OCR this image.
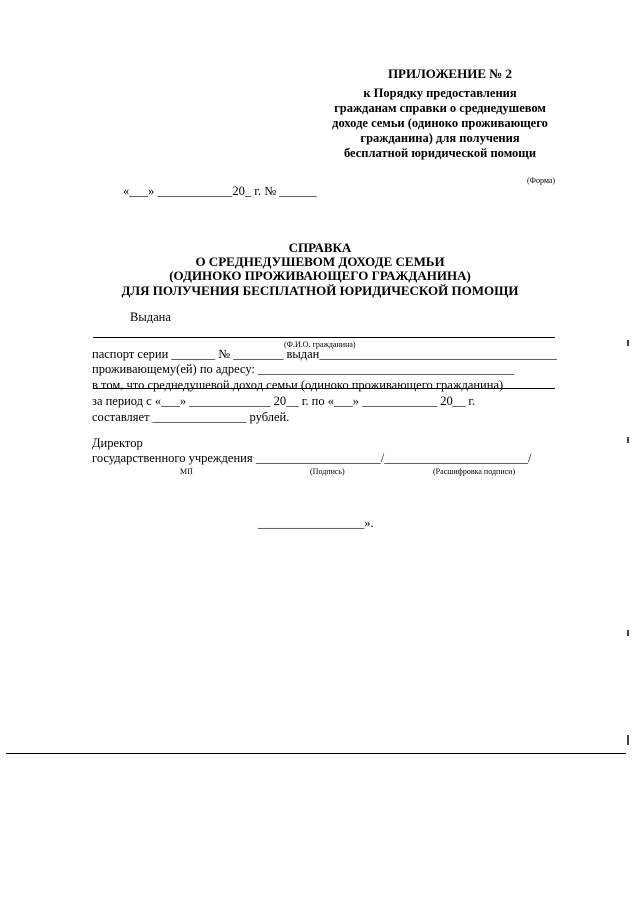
ПРИЛОЖЕНИЕ № 2
к Порядку предоставления
гражданам справки о среднедушевом
доходе семьи (одиноко проживающего
гражданина) для получения
бесплатной юридической помощи
(Форма)
«___» ____________20_ г. № ______
СПРАВКА
О СРЕДНЕДУШЕВОМ ДОХОДЕ СЕМЬИ
(ОДИНОКО ПРОЖИВАЮЩЕГО ГРАЖДАНИНА)
ДЛЯ ПОЛУЧЕНИЯ БЕСПЛАТНОЙ ЮРИДИЧЕСКОЙ ПОМОЩИ
Выдана
(Ф.И.О. гражданина)
паспорт серии _______ № ________ выдан______________________________________
проживающему(ей) по адресу: _________________________________________
в том, что среднедушевой доход семьи (одиноко проживающего гражданина)
за период с «___» _____________ 20__ г. по «___» ____________ 20__ г.
составляет _______________ рублей.
Директор
государственного учреждения ____________________/_______________________/
МП	(Подпись)	(Расшифровка подписи)
_________________».
